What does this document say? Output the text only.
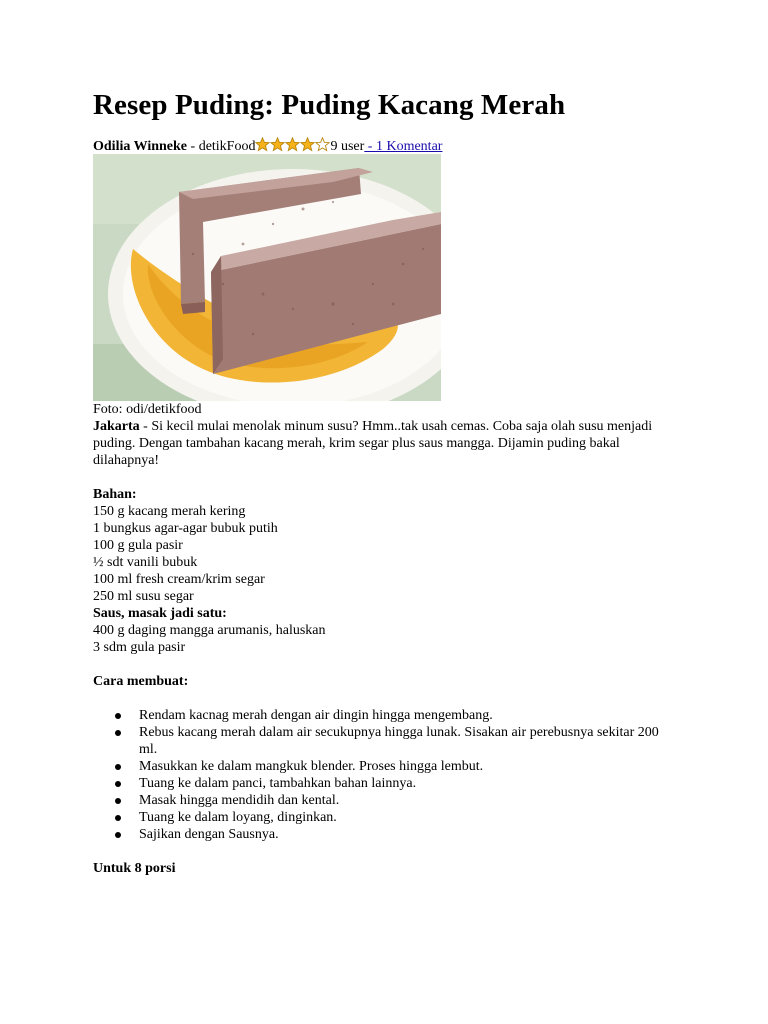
Resep Puding: Puding Kacang Merah
Odilia Winneke - detikFood	9 user - 1 Komentar
Foto: odi/detikfood

Jakarta - Si kecil mulai menolak minum susu? Hmm..tak usah cemas. Coba saja olah susu menjadi puding. Dengan tambahan kacang merah, krim segar plus saus mangga. Dijamin puding bakal dilahapnya!

Bahan:
150 g kacang merah kering
1 bungkus agar-agar bubuk putih
100 g gula pasir
½ sdt vanili bubuk
100 ml fresh cream/krim segar
250 ml susu segar
Saus, masak jadi satu:
400 g daging mangga arumanis, haluskan
3 sdm gula pasir
Cara membuat:
Rendam kacnag merah dengan air dingin hingga mengembang.
Rebus kacang merah dalam air secukupnya hingga lunak. Sisakan air perebusnya sekitar 200 ml.
Masukkan ke dalam mangkuk blender. Proses hingga lembut.
Tuang ke dalam panci, tambahkan bahan lainnya.
Masak hingga mendidih dan kental.
Tuang ke dalam loyang, dinginkan.
Sajikan dengan Sausnya.
Untuk 8 porsi
